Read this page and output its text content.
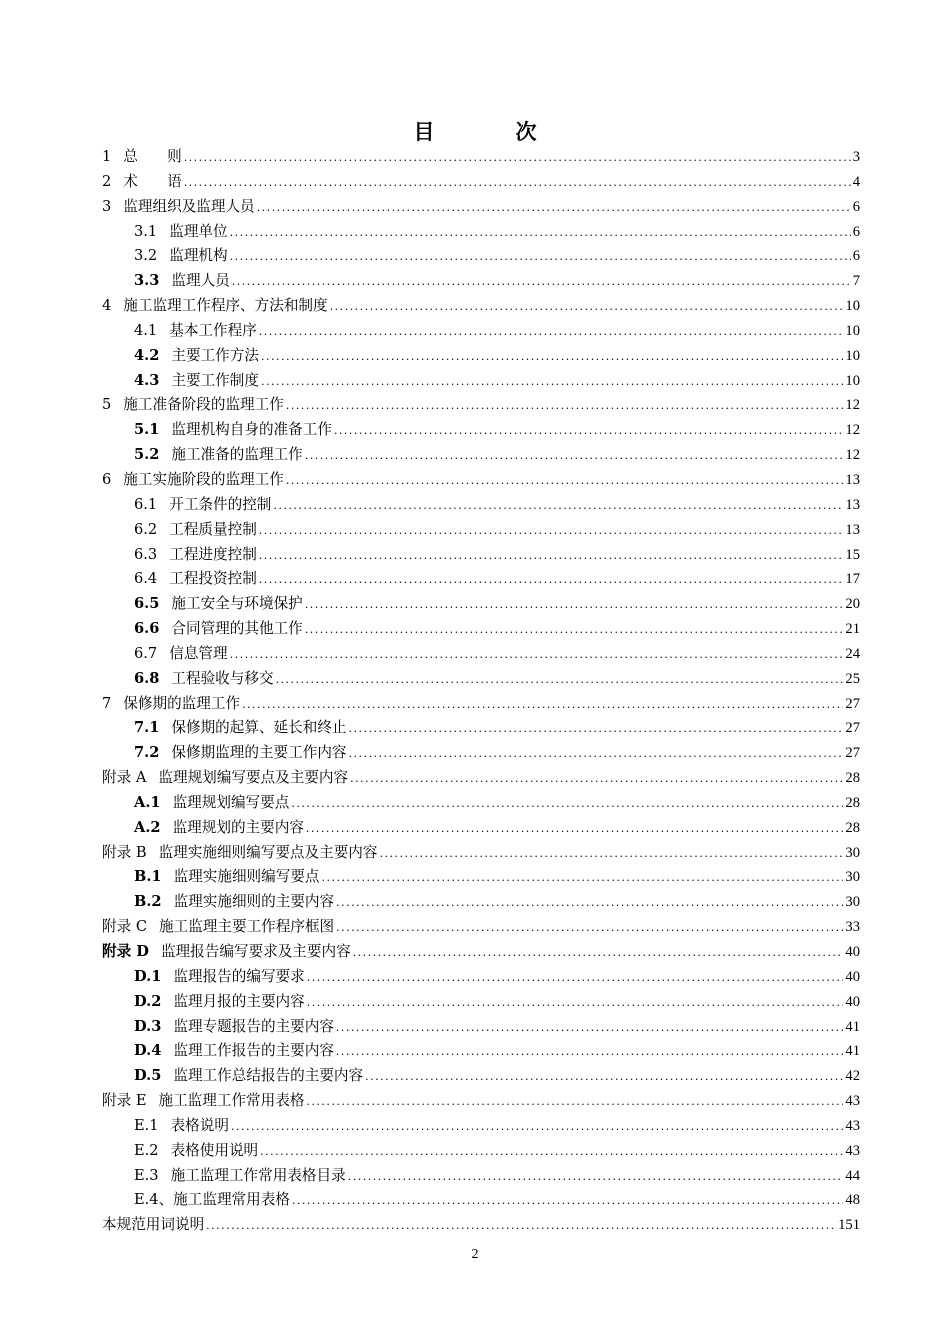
目　次
1 总　　则 .....	3
2 术　　语 .....	4
3 监理组织及监理人员 .....	6
3.1 监理单位 .....	6
3.2 监理机构 .....	6
3.3 监理人员 .....	7
4 施工监理工作程序、方法和制度 .....	10
4.1 基本工作程序 .....	10
4.2 主要工作方法 .....	10
4.3 主要工作制度 .....	10
5 施工准备阶段的监理工作 .....	12
5.1 监理机构自身的准备工作 .....	12
5.2 施工准备的监理工作 .....	12
6 施工实施阶段的监理工作 .....	13
6.1 开工条件的控制 .....	13
6.2 工程质量控制 .....	13
6.3 工程进度控制 .....	15
6.4 工程投资控制 .....	17
6.5 施工安全与环境保护 .....	20
6.6 合同管理的其他工作 .....	21
6.7 信息管理 .....	24
6.8 工程验收与移交 .....	25
7 保修期的监理工作 .....	27
7.1 保修期的起算、延长和终止 .....	27
7.2 保修期监理的主要工作内容 .....	27
附录 A 监理规划编写要点及主要内容 .....	28
A.1 监理规划编写要点 .....	28
A.2 监理规划的主要内容 .....	28
附录 B 监理实施细则编写要点及主要内容 .....	30
B.1 监理实施细则编写要点 .....	30
B.2 监理实施细则的主要内容 .....	30
附录 C 施工监理主要工作程序框图 .....	33
附录 D 监理报告编写要求及主要内容 .....	40
D.1 监理报告的编写要求 .....	40
D.2 监理月报的主要内容 .....	40
D.3 监理专题报告的主要内容 .....	41
D.4 监理工作报告的主要内容 .....	41
D.5 监理工作总结报告的主要内容 .....	42
附录 E 施工监理工作常用表格 .....	43
E.1 表格说明 .....	43
E.2 表格使用说明 .....	43
E.3 施工监理工作常用表格目录 .....	44
E.4、 施工监理常用表格 .....	48
本规范用词说明 .....	151
2
